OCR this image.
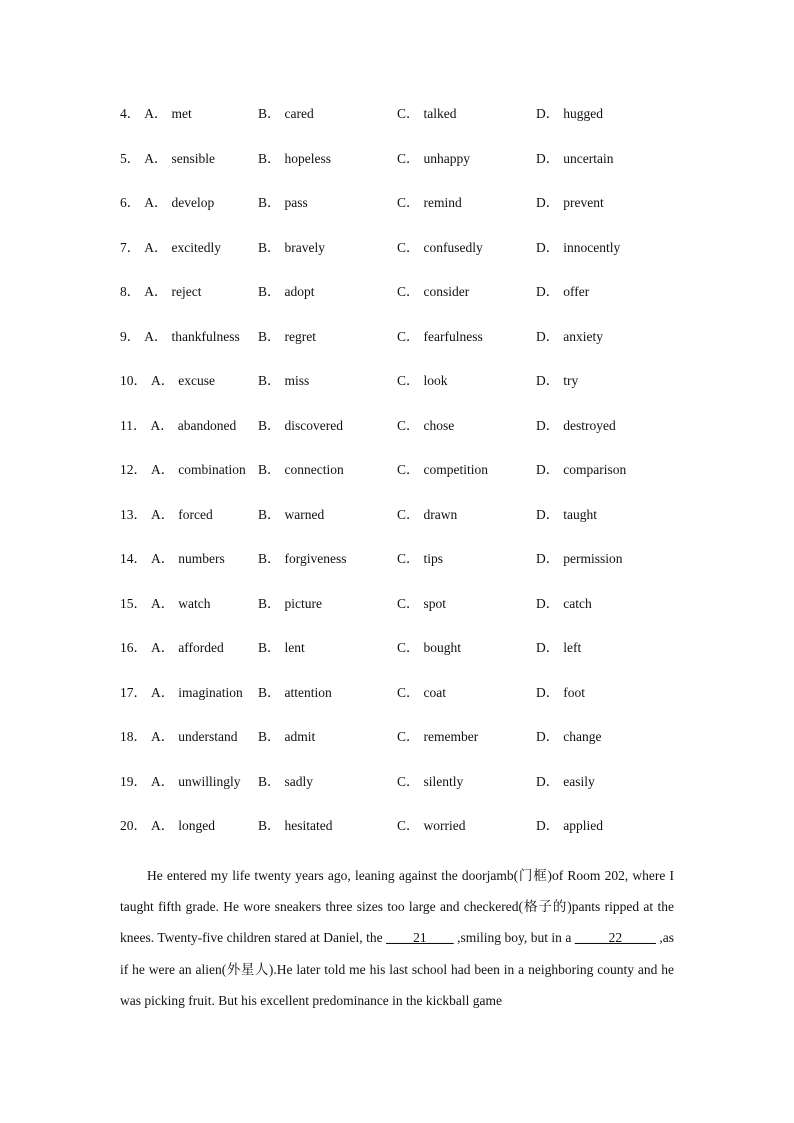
4． A． met	B． cared	C． talked	D． hugged
5． A． sensible	B． hopeless	C． unhappy	D． uncertain
6． A． develop	B． pass	C． remind	D． prevent
7． A． excitedly	B． bravely	C． confusedly	D． innocently
8． A． reject	B． adopt	C． consider	D． offer
9． A． thankfulness B． regret	C． fearfulness	D． anxiety
10． A． excuse	B． miss	C． look	D． try
11． A． abandoned B． discovered	C． chose	D． destroyed
12． A． combination B． connection	C． competition	D． comparison
13． A． forced	B． warned	C． drawn	D． taught
14． A． numbers B． forgiveness	C． tips	D． permission
15． A． watch	B． picture	C． spot	D． catch
16． A． afforded	B． lent	C． bought	D． left
17． A． imagination B． attention	C． coat	D． foot
18． A． understand B． admit	C． remember	D． change
19． A． unwillingly B． sadly	C． silently	D． easily
20． A． longed	B． hesitated	C． worried	D． applied

He entered my life twenty years ago, leaning against the doorjamb(门框)of Room 202, where I taught fifth grade. He wore sneakers three sizes too large and checkered(格子的)pants ripped at the knees. Twenty-five children stared at Daniel, the ____21____ ,smiling boy, but in a _____22_____ ,as if he were an alien(外星人).He later told me his last school had been in a neighboring county and he was picking fruit. But his excellent predominance in the kickball game
